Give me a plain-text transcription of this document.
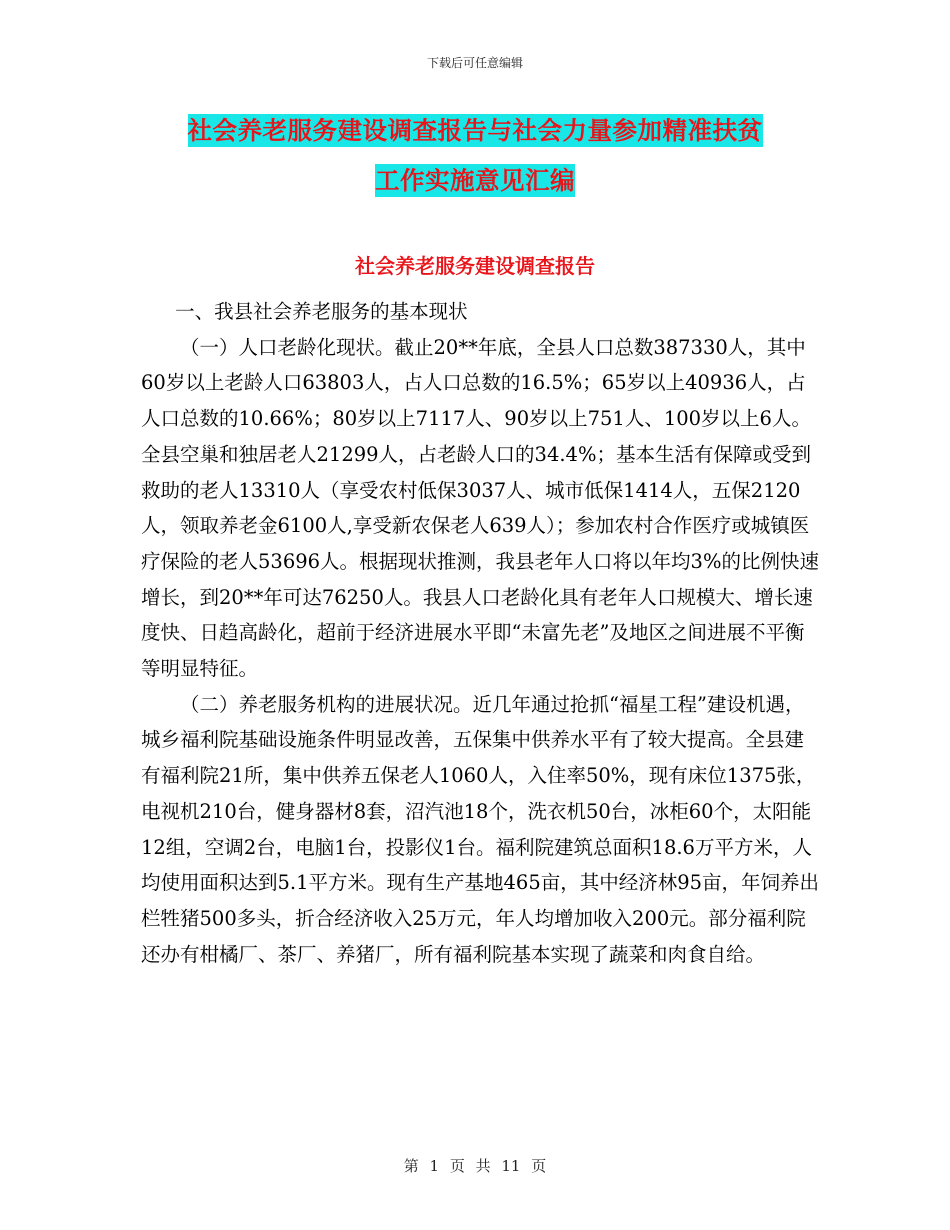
下载后可任意编辑
社会养老服务建设调查报告与社会力量参加精准扶贫
工作实施意见汇编
社会养老服务建设调查报告

一、我县社会养老服务的基本现状

（一）人口老龄化现状。截止20**年底，全县人口总数387330人，其中60岁以上老龄人口63803人，占人口总数的16.5%；65岁以上40936人，占人口总数的10.66%；80岁以上7117人、90岁以上751人、100岁以上6人。全县空巢和独居老人21299人，占老龄人口的34.4%；基本生活有保障或受到救助的老人13310人（享受农村低保3037人、城市低保1414人，五保2120人，领取养老金6100人,享受新农保老人639人）；参加农村合作医疗或城镇医疗保险的老人53696人。根据现状推测，我县老年人口将以年均3%的比例快速增长，到20**年可达76250人。我县人口老龄化具有老年人口规模大、增长速度快、日趋高龄化，超前于经济进展水平即“未富先老”及地区之间进展不平衡等明显特征。

（二）养老服务机构的进展状况。近几年通过抢抓“福星工程”建设机遇，城乡福利院基础设施条件明显改善，五保集中供养水平有了较大提高。全县建有福利院21所，集中供养五保老人1060人，入住率50%，现有床位1375张，电视机210台，健身器材8套，沼汽池18个，洗衣机50台，冰柜60个，太阳能12组，空调2台，电脑1台，投影仪1台。福利院建筑总面积18.6万平方米，人均使用面积达到5.1平方米。现有生产基地465亩，其中经济林95亩，年饲养出栏牲猪500多头，折合经济收入25万元，年人均增加收入200元。部分福利院还办有柑橘厂、茶厂、养猪厂，所有福利院基本实现了蔬菜和肉食自给。

第 1 页 共 11 页
